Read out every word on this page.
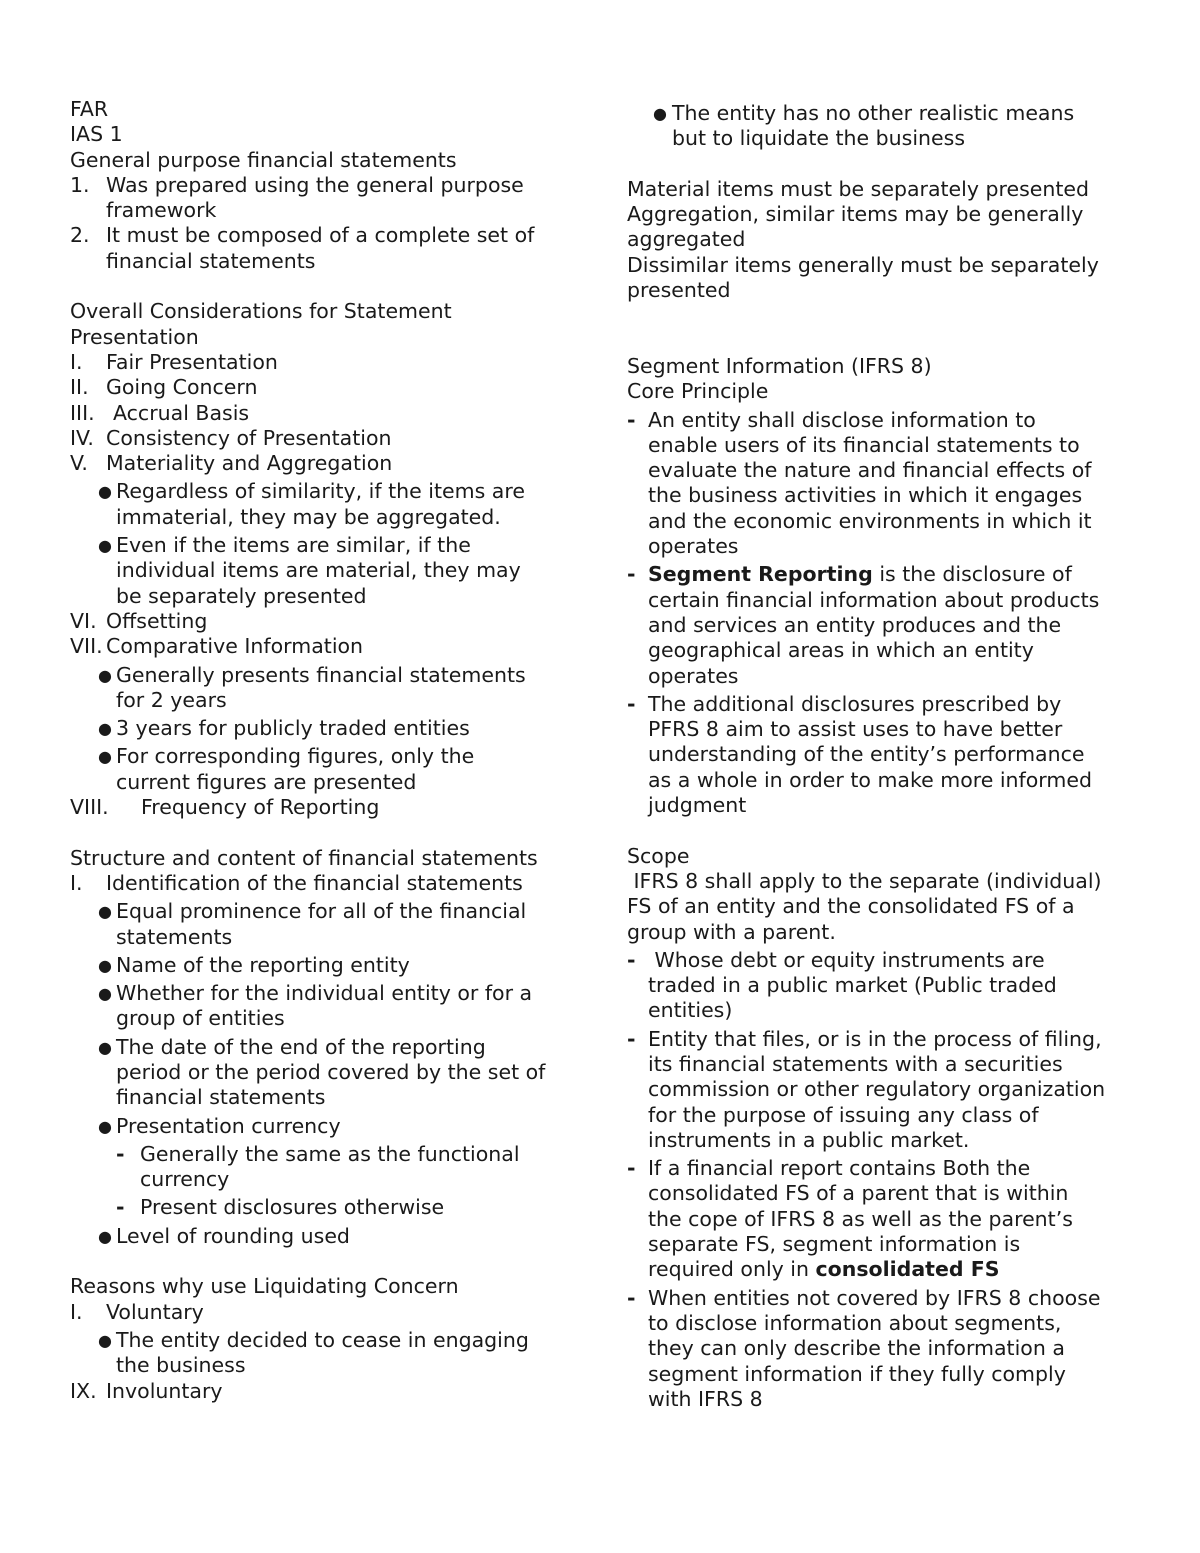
FAR
IAS 1
General purpose financial statements
1. Was prepared using the general purpose
framework
2. It must be composed of a complete set of
financial statements
Overall Considerations for Statement
Presentation
I.	Fair Presentation
II. Going Concern
III. Accrual Basis
IV. Consistency of Presentation
V. Materiality and Aggregation
● Regardless of similarity, if the items are
immaterial, they may be aggregated.
● Even if the items are similar, if the
individual items are material, they may
be separately presented
VI. Offsetting
VII. Comparative Information
● Generally presents financial statements
for 2 years
● 3 years for publicly traded entities
● For corresponding figures, only the
current figures are presented
VIII.	Frequency of Reporting
Structure and content of financial statements
I.	Identification of the financial statements
● Equal prominence for all of the financial
statements
● Name of the reporting entity
● Whether for the individual entity or for a
group of entities
● The date of the end of the reporting
period or the period covered by the set of
financial statements
● Presentation currency
- Generally the same as the functional
currency
- Present disclosures otherwise
● Level of rounding used
Reasons why use Liquidating Concern
I.	Voluntary
● The entity decided to cease in engaging
the business
IX. Involuntary
● The entity has no other realistic means
but to liquidate the business
Material items must be separately presented
Aggregation, similar items may be generally
aggregated
Dissimilar items generally must be separately
presented
Segment Information (IFRS 8)
Core Principle
- An entity shall disclose information to
enable users of its financial statements to
evaluate the nature and financial effects of
the business activities in which it engages
and the economic environments in which it
operates
- Segment Reporting is the disclosure of
certain financial information about products
and services an entity produces and the
geographical areas in which an entity
operates
- The additional disclosures prescribed by
PFRS 8 aim to assist uses to have better
understanding of the entity’s performance
as a whole in order to make more informed
judgment
Scope
IFRS 8 shall apply to the separate (individual)
FS of an entity and the consolidated FS of a
group with a parent.
- Whose debt or equity instruments are
traded in a public market (Public traded
entities)
- Entity that files, or is in the process of filing,
its financial statements with a securities
commission or other regulatory organization
for the purpose of issuing any class of
instruments in a public market.
- If a financial report contains Both the
consolidated FS of a parent that is within
the cope of IFRS 8 as well as the parent’s
separate FS, segment information is
required only in consolidated FS
- When entities not covered by IFRS 8 choose
to disclose information about segments,
they can only describe the information a
segment information if they fully comply
with IFRS 8
